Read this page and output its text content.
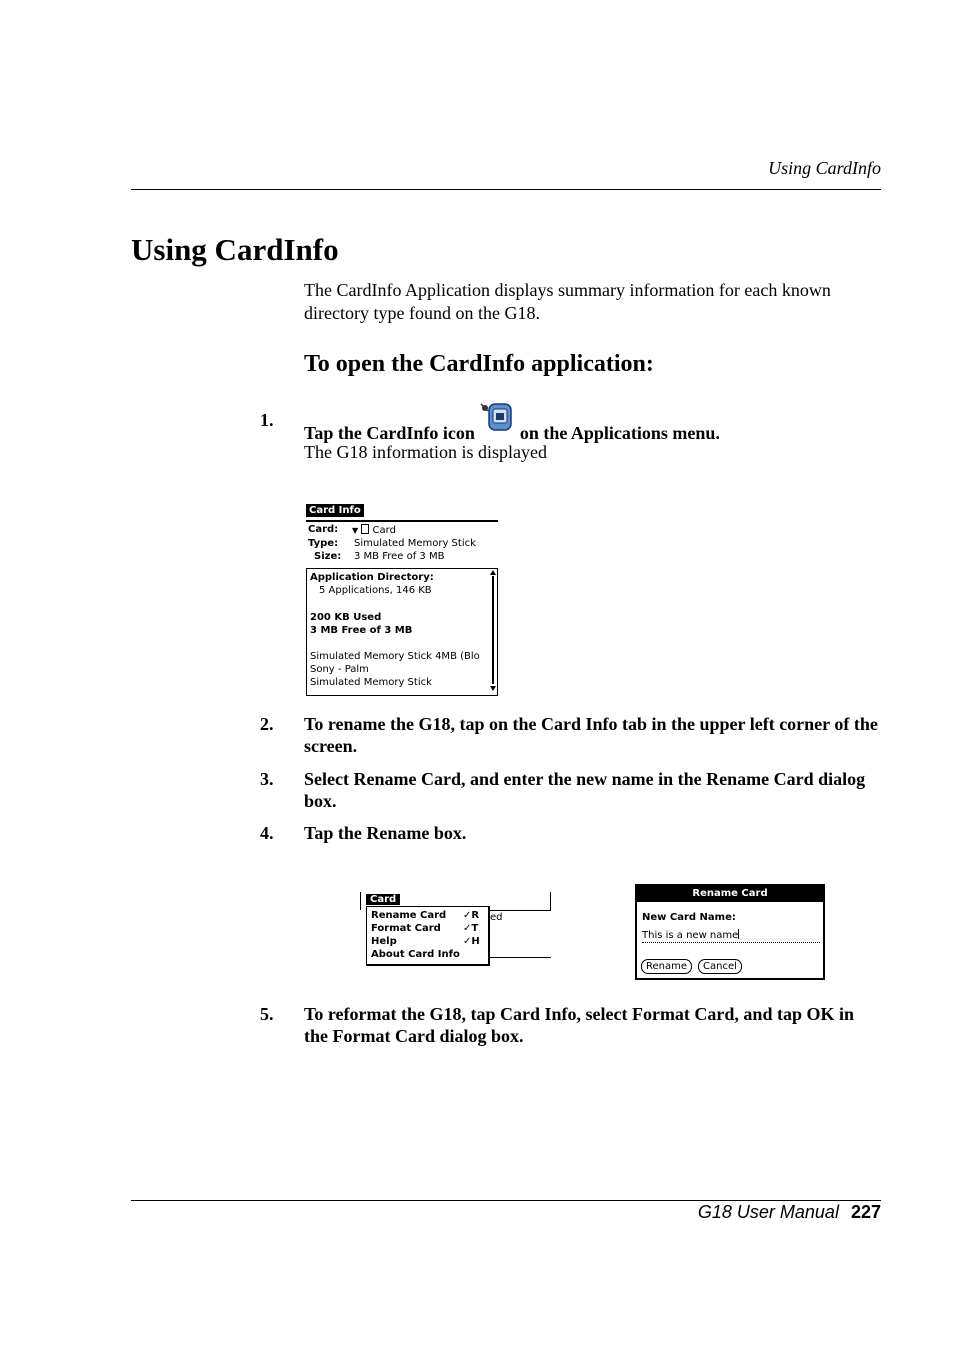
Using CardInfo
Using CardInfo
The CardInfo Application displays summary information for each known directory type found on the G18.
To open the CardInfo application:
1.
Tap the CardInfo icon	on the Applications menu.
The G18 information is displayed
Card Info
Card: ▼ Card
Type: Simulated Memory Stick
Size: 3 MB Free of 3 MB
Application Directory:
5 Applications, 146 KB
200 KB Used
3 MB Free of 3 MB
Simulated Memory Stick 4MB (Blo
Sony - Palm
Simulated Memory Stick
2. To rename the G18, tap on the Card Info tab in the upper left corner of the screen.
3. Select Rename Card, and enter the new name in the Rename Card dialog box.
4. Tap the Rename box.
Card
Rename Card ✓R
Format Card ✓T
Help	✓H
About Card Info
ed
Rename Card
New Card Name:
This is a new name
Rename	Cancel
5. To reformat the G18, tap Card Info, select Format Card, and tap OK in the Format Card dialog box.
G18 User Manual 227
